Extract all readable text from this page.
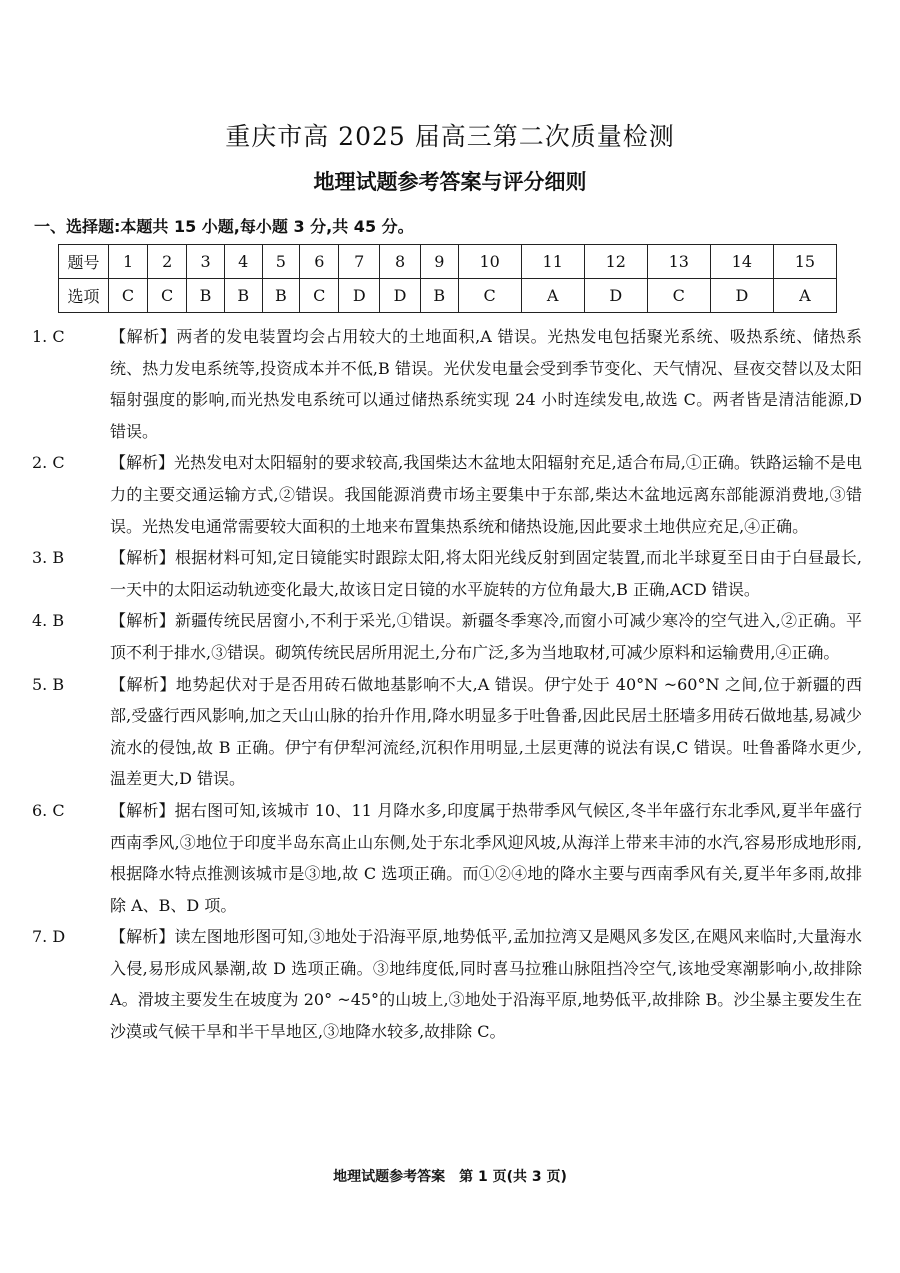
重庆市高 2025 届高三第二次质量检测
地理试题参考答案与评分细则
一、选择题:本题共 15 小题,每小题 3 分,共 45 分。
题号	1	2	3	4	5	6	7	8	9	10	11	12	13	14	15
选项	C	C	B	B	B	C	D	D	B	C	A	D	C	D	A
1. C	【解析】两者的发电装置均会占用较大的土地面积,A 错误。光热发电包括聚光系统、吸热系统、储热系统、热力发电系统等,投资成本并不低,B 错误。光伏发电量会受到季节变化、天气情况、昼夜交替以及太阳辐射强度的影响,而光热发电系统可以通过储热系统实现 24 小时连续发电,故选 C。两者皆是清洁能源,D 错误。
2. C	【解析】光热发电对太阳辐射的要求较高,我国柴达木盆地太阳辐射充足,适合布局,①正确。铁路运输不是电力的主要交通运输方式,②错误。我国能源消费市场主要集中于东部,柴达木盆地远离东部能源消费地,③错误。光热发电通常需要较大面积的土地来布置集热系统和储热设施,因此要求土地供应充足,④正确。
3. B	【解析】根据材料可知,定日镜能实时跟踪太阳,将太阳光线反射到固定装置,而北半球夏至日由于白昼最长,一天中的太阳运动轨迹变化最大,故该日定日镜的水平旋转的方位角最大,B 正确,ACD 错误。
4. B	【解析】新疆传统民居窗小,不利于采光,①错误。新疆冬季寒冷,而窗小可减少寒冷的空气进入,②正确。平顶不利于排水,③错误。砌筑传统民居所用泥土,分布广泛,多为当地取材,可减少原料和运输费用,④正确。
5. B	【解析】地势起伏对于是否用砖石做地基影响不大,A 错误。伊宁处于 40°N ~60°N 之间,位于新疆的西部,受盛行西风影响,加之天山山脉的抬升作用,降水明显多于吐鲁番,因此民居土胚墙多用砖石做地基,易减少流水的侵蚀,故 B 正确。伊宁有伊犁河流经,沉积作用明显,土层更薄的说法有误,C 错误。吐鲁番降水更少,温差更大,D 错误。
6. C	【解析】据右图可知,该城市 10、11 月降水多,印度属于热带季风气候区,冬半年盛行东北季风,夏半年盛行西南季风,③地位于印度半岛东高止山东侧,处于东北季风迎风坡,从海洋上带来丰沛的水汽,容易形成地形雨,根据降水特点推测该城市是③地,故 C 选项正确。而①②④地的降水主要与西南季风有关,夏半年多雨,故排除 A、B、D 项。
7. D	【解析】读左图地形图可知,③地处于沿海平原,地势低平,孟加拉湾又是飓风多发区,在飓风来临时,大量海水入侵,易形成风暴潮,故 D 选项正确。③地纬度低,同时喜马拉雅山脉阻挡冷空气,该地受寒潮影响小,故排除 A。滑坡主要发生在坡度为 20° ~45°的山坡上,③地处于沿海平原,地势低平,故排除 B。沙尘暴主要发生在沙漠或气候干旱和半干旱地区,③地降水较多,故排除 C。
地理试题参考答案　第 1 页(共 3 页)
